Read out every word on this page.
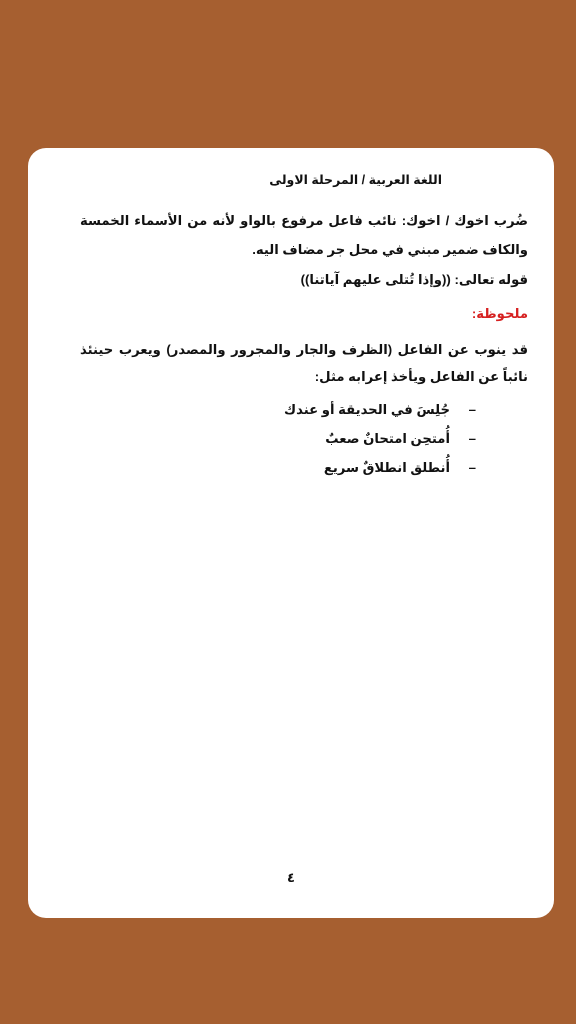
اللغة العربية / المرحلة الاولى
ضُرب اخوك / اخوك: نائب فاعل مرفوع بالواو لأنه من الأسماء الخمسة والكاف ضمير مبني في محل جر مضاف اليه.
قوله تعالى: ((وإذا تُتلى عليهم آياتنا))
ملحوظة:
قد ينوب عن الفاعل (الظرف والجار والمجرور والمصدر) ويعرب حينئذ نائباً عن الفاعل ويأخذ إعرابه مثل:
–
جُلِسَ في الحديقة أو عندك
–
أُمتحِن امتحانٌ صعبٌ
–
أُنطلق انطلاقٌ سريع
٤
